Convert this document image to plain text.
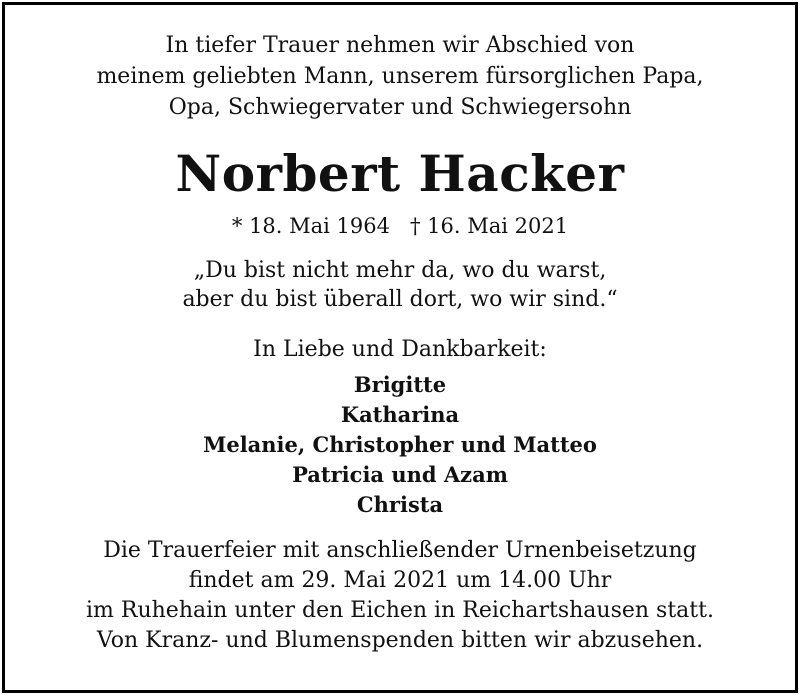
In tiefer Trauer nehmen wir Abschied von
meinem geliebten Mann, unserem fürsorglichen Papa,
Opa, Schwiegervater und Schwiegersohn
Norbert Hacker
* 18. Mai 1964 † 16. Mai 2021
„Du bist nicht mehr da, wo du warst,
aber du bist überall dort, wo wir sind.“
In Liebe und Dankbarkeit:
Brigitte
Katharina
Melanie, Christopher und Matteo
Patricia und Azam
Christa
Die Trauerfeier mit anschließender Urnenbeisetzung
findet am 29. Mai 2021 um 14.00 Uhr
im Ruhehain unter den Eichen in Reichartshausen statt.
Von Kranz- und Blumenspenden bitten wir abzusehen.
